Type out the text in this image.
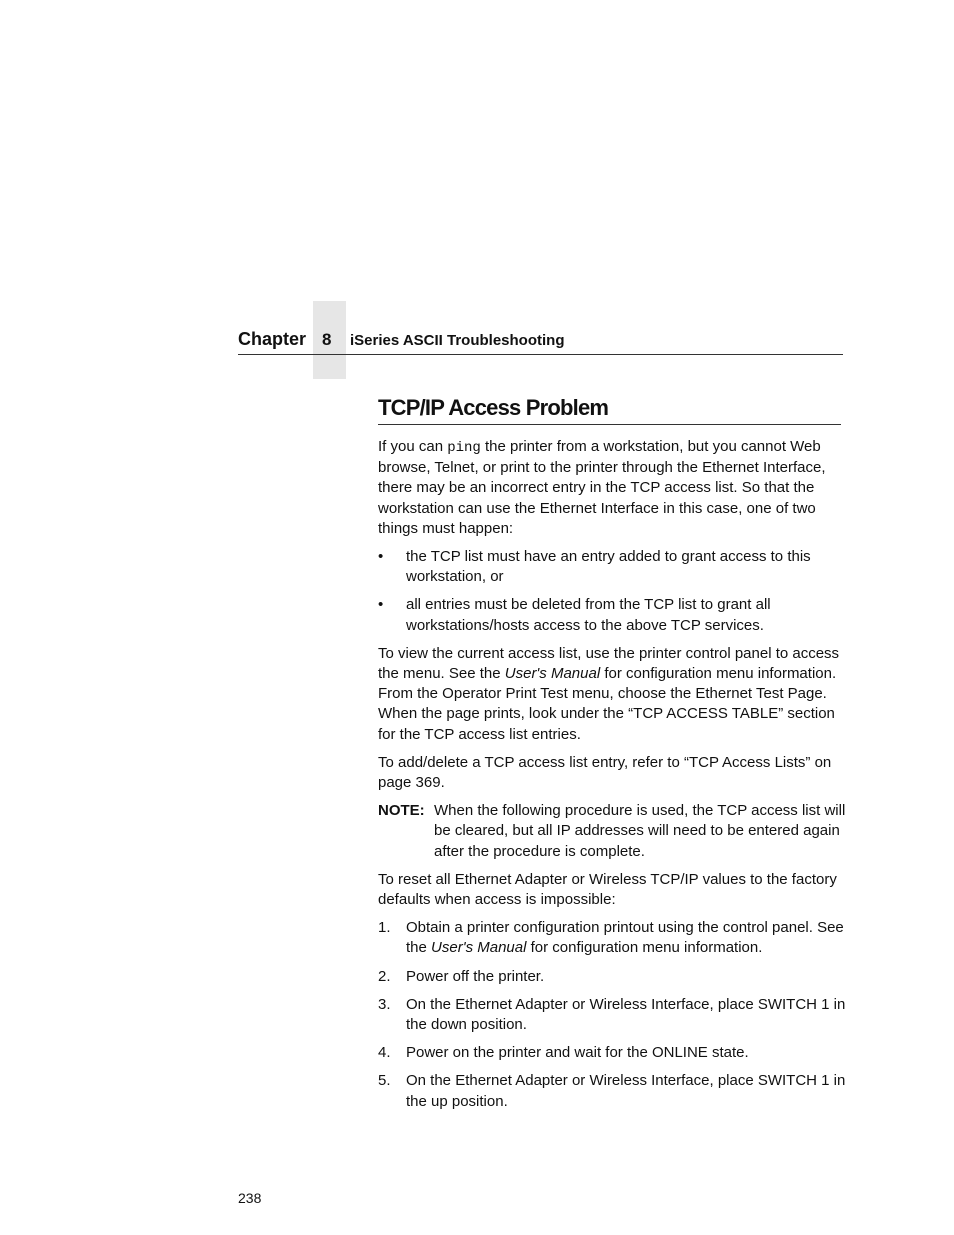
Chapter 8 iSeries ASCII Troubleshooting
TCP/IP Access Problem

If you can ping the printer from a workstation, but you cannot Web browse, Telnet, or print to the printer through the Ethernet Interface, there may be an incorrect entry in the TCP access list. So that the workstation can use the Ethernet Interface in this case, one of two things must happen:

• the TCP list must have an entry added to grant access to this workstation, or
• all entries must be deleted from the TCP list to grant all workstations/hosts access to the above TCP services.

To view the current access list, use the printer control panel to access the menu. See the User's Manual for configuration menu information. From the Operator Print Test menu, choose the Ethernet Test Page. When the page prints, look under the “TCP ACCESS TABLE” section for the TCP access list entries.

To add/delete a TCP access list entry, refer to “TCP Access Lists” on page 369.

NOTE: When the following procedure is used, the TCP access list will be cleared, but all IP addresses will need to be entered again after the procedure is complete.

To reset all Ethernet Adapter or Wireless TCP/IP values to the factory defaults when access is impossible:

1. Obtain a printer configuration printout using the control panel. See the User's Manual for configuration menu information.
2. Power off the printer.
3. On the Ethernet Adapter or Wireless Interface, place SWITCH 1 in the down position.
4. Power on the printer and wait for the ONLINE state.
5. On the Ethernet Adapter or Wireless Interface, place SWITCH 1 in the up position.
238
